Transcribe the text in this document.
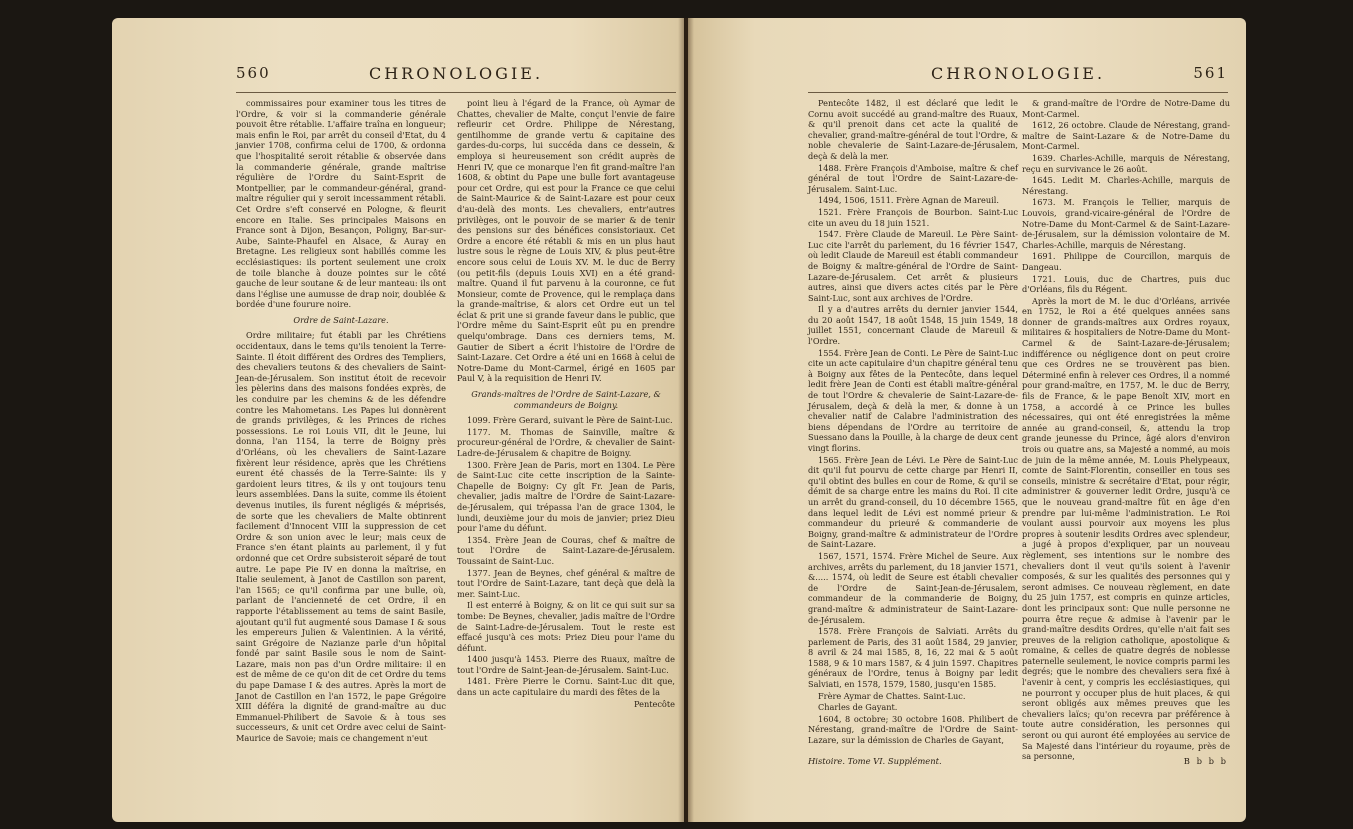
560	CHRONOLOGIE.

commissaires pour examiner tous les titres de l'Ordre, & voir si la commanderie générale pouvoit être rétablie. L'affaire traîna en longueur; mais enfin le Roi, par arrêt du conseil d'Etat, du 4 janvier 1708, confirma celui de 1700, & ordonna que l'hospitalité seroit rétablie & observée dans la commanderie générale, grande maîtrise régulière de l'Ordre du Saint-Esprit de Montpellier, par le commandeur-général, grand-maître régulier qui y seroit incessamment rétabli. Cet Ordre s'eft conservé en Pologne, & fleurit encore en Italie. Ses principales Maisons en France sont à Dijon, Besançon, Poligny, Bar-sur-Aube, Sainte-Phaufel en Alsace, & Auray en Bretagne. Les religieux sont habillés comme les ecclésiastiques: ils portent seulement une croix de toile blanche à douze pointes sur le côté gauche de leur soutane & de leur manteau: ils ont dans l'église une aumusse de drap noir, doublée & bordée d'une fourure noire.

Ordre de Saint-Lazare.

Ordre militaire; fut établi par les Chrétiens occidentaux, dans le tems qu'ils tenoient la Terre-Sainte. Il étoit différent des Ordres des Templiers, des chevaliers teutons & des chevaliers de Saint-Jean-de-Jérusalem. Son institut étoit de recevoir les pèlerins dans des maisons fondées exprès, de les conduire par les chemins & de les défendre contre les Mahometans. Les Papes lui donnèrent de grands privilèges, & les Princes de riches possessions. Le roi Louis VII, dit le Jeune, lui donna, l'an 1154, la terre de Boigny près d'Orléans, où les chevaliers de Saint-Lazare fixèrent leur résidence, après que les Chrétiens eurent été chassés de la Terre-Sainte: ils y gardoient leurs titres, & ils y ont toujours tenu leurs assemblées. Dans la suite, comme ils étoient devenus inutiles, ils furent négligés & méprisés, de sorte que les chevaliers de Malte obtinrent facilement d'Innocent VIII la suppression de cet Ordre & son union avec le leur; mais ceux de France s'en étant plaints au parlement, il y fut ordonné que cet Ordre subsisteroit séparé de tout autre. Le pape Pie IV en donna la maîtrise, en Italie seulement, à Janot de Castillon son parent, l'an 1565; ce qu'il confirma par une bulle, où, parlant de l'ancienneté de cet Ordre, il en rapporte l'établissement au tems de saint Basile, ajoutant qu'il fut augmenté sous Damase I & sous les empereurs Julien & Valentinien. A la vérité, saint Grégoire de Nazianze parle d'un hôpital fondé par saint Basile sous le nom de Saint-Lazare, mais non pas d'un Ordre militaire: il en est de même de ce qu'on dit de cet Ordre du tems du pape Damase I & des autres. Après la mort de Janot de Castillon en l'an 1572, le pape Grégoire XIII déféra la dignité de grand-maître au duc Emmanuel-Philibert de Savoie & à tous ses successeurs, & unit cet Ordre avec celui de Saint-Maurice de Savoie; mais ce changement n'eut

point lieu à l'égard de la France, où Aymar de Chattes, chevalier de Malte, conçut l'envie de faire refleurir cet Ordre. Philippe de Nérestang, gentilhomme de grande vertu & capitaine des gardes-du-corps, lui succéda dans ce dessein, & employa si heureusement son crédit auprès de Henri IV, que ce monarque l'en fit grand-maître l'an 1608, & obtint du Pape une bulle fort avantageuse pour cet Ordre, qui est pour la France ce que celui de Saint-Maurice & de Saint-Lazare est pour ceux d'au-delà des monts. Les chevaliers, entr'autres privilèges, ont le pouvoir de se marier & de tenir des pensions sur des bénéfices consistoriaux. Cet Ordre a encore été rétabli & mis en un plus haut lustre sous le règne de Louis XIV, & plus peut-être encore sous celui de Louis XV. M. le duc de Berry (ou petit-fils (depuis Louis XVI) en a été grand-maître. Quand il fut parvenu à la couronne, ce fut Monsieur, comte de Provence, qui le remplaça dans la grande-maîtrise, & alors cet Ordre eut un tel éclat & prit une si grande faveur dans le public, que l'Ordre même du Saint-Esprit eût pu en prendre quelqu'ombrage. Dans ces derniers tems, M. Gautier de Sibert a écrit l'histoire de l'Ordre de Saint-Lazare. Cet Ordre a été uni en 1668 à celui de Notre-Dame du Mont-Carmel, érigé en 1605 par Paul V, à la requisition de Henri IV.

Grands-maîtres de l'Ordre de Saint-Lazare, & commandeurs de Boigny.

1099. Frère Gerard, suivant le Père de Saint-Luc.

1177. M. Thomas de Sainville, maître & procureur-général de l'Ordre, & chevalier de Saint-Ladre-de-Jérusalem & chapitre de Boigny.

1300. Frère Jean de Paris, mort en 1304. Le Père de Saint-Luc cite cette inscription de la Sainte-Chapelle de Boigny: Cy gît Fr. Jean de Paris, chevalier, jadis maître de l'Ordre de Saint-Lazare-de-Jérusalem, qui trépassa l'an de grace 1304, le lundi, deuxième jour du mois de janvier; priez Dieu pour l'ame du défunt.

1354. Frère Jean de Couras, chef & maître de tout l'Ordre de Saint-Lazare-de-Jérusalem. Toussaint de Saint-Luc.

1377. Jean de Beynes, chef général & maître de tout l'Ordre de Saint-Lazare, tant deçà que delà la mer. Saint-Luc.

Il est enterré à Boigny, & on lit ce qui suit sur sa tombe: De Beynes, chevalier, jadis maître de l'Ordre de Saint-Ladre-de-Jérusalem. Tout le reste est effacé jusqu'à ces mots: Priez Dieu pour l'ame du défunt.

1400 jusqu'à 1453. Pierre des Ruaux, maître de tout l'Ordre de Saint-Jean-de-Jérusalem. Saint-Luc.

1481. Frère Pierre le Cornu. Saint-Luc dit que, dans un acte capitulaire du mardi des fêtes de la

Pentecôte

CHRONOLOGIE.	561

Pentecôte 1482, il est déclaré que ledit le Cornu avoit succédé au grand-maître des Ruaux, & qu'il prenoit dans cet acte la qualité de chevalier, grand-maître-général de tout l'Ordre, & noble chevalerie de Saint-Lazare-de-Jérusalem, deçà & delà la mer.

1488. Frère François d'Amboise, maître & chef général de tout l'Ordre de Saint-Lazare-de-Jérusalem. Saint-Luc.

1494, 1506, 1511. Frère Agnan de Mareuil.

1521. Frère François de Bourbon. Saint-Luc cite un aveu du 18 juin 1521.

1547. Frère Claude de Mareuil. Le Père Saint-Luc cite l'arrêt du parlement, du 16 février 1547, où ledit Claude de Mareuil est établi commandeur de Boigny & maître-général de l'Ordre de Saint-Lazare-de-Jérusalem. Cet arrêt & plusieurs autres, ainsi que divers actes cités par le Père Saint-Luc, sont aux archives de l'Ordre.

Il y a d'autres arrêts du dernier janvier 1544, du 20 août 1547, 18 août 1548, 15 juin 1549, 18 juillet 1551, concernant Claude de Mareuil & l'Ordre.

1554. Frère Jean de Conti. Le Père de Saint-Luc cite un acte capitulaire d'un chapitre général tenu à Boigny aux fêtes de la Pentecôte, dans lequel ledit frère Jean de Conti est établi maître-général de tout l'Ordre & chevalerie de Saint-Lazare-de-Jérusalem, deçà & delà la mer, & donne à un chevalier natif de Calabre l'administration des biens dépendans de l'Ordre au territoire de Suessano dans la Pouille, à la charge de deux cent vingt florins.

1565. Frère Jean de Lévi. Le Père de Saint-Luc dit qu'il fut pourvu de cette charge par Henri II, qu'il obtint des bulles en cour de Rome, & qu'il se démit de sa charge entre les mains du Roi. Il cite un arrêt du grand-conseil, du 10 décembre 1565, dans lequel ledit de Lévi est nommé prieur & commandeur du prieuré & commanderie de Boigny, grand-maître & administrateur de l'Ordre de Saint-Lazare.

1567, 1571, 1574. Frère Michel de Seure. Aux archives, arrêts du parlement, du 18 janvier 1571, &..... 1574, où ledit de Seure est établi chevalier de l'Ordre de Saint-Jean-de-Jérusalem, commandeur de la commanderie de Boigny, grand-maître & administrateur de Saint-Lazare-de-Jérusalem.

1578. Frère François de Salviati. Arrêts du parlement de Paris, des 31 août 1584, 29 janvier, 8 avril & 24 mai 1585, 8, 16, 22 mai & 5 août 1588, 9 & 10 mars 1587, & 4 juin 1597. Chapitres généraux de l'Ordre, tenus à Boigny par ledit Salviati, en 1578, 1579, 1580, jusqu'en 1585.

Frère Aymar de Chattes. Saint-Luc.

Charles de Gayant.

1604, 8 octobre; 30 octobre 1608. Philibert de Nérestang, grand-maître de l'Ordre de Saint-Lazare, sur la démission de Charles de Gayant,

& grand-maître de l'Ordre de Notre-Dame du Mont-Carmel.

1612, 26 octobre. Claude de Nérestang, grand-maître de Saint-Lazare & de Notre-Dame du Mont-Carmel.

1639. Charles-Achille, marquis de Nérestang, reçu en survivance le 26 août.

1645. Ledit M. Charles-Achille, marquis de Nérestang.

1673. M. François le Tellier, marquis de Louvois, grand-vicaire-général de l'Ordre de Notre-Dame du Mont-Carmel & de Saint-Lazare-de-Jérusalem, sur la démission volontaire de M. Charles-Achille, marquis de Nérestang.

1691. Philippe de Courcillon, marquis de Dangeau.

1721. Louis, duc de Chartres, puis duc d'Orléans, fils du Régent.

Après la mort de M. le duc d'Orléans, arrivée en 1752, le Roi a été quelques années sans donner de grands-maîtres aux Ordres royaux, militaires & hospitaliers de Notre-Dame du Mont-Carmel & de Saint-Lazare-de-Jérusalem; indifférence ou négligence dont on peut croire que ces Ordres ne se trouvèrent pas bien. Déterminé enfin à relever ces Ordres, il a nommé pour grand-maître, en 1757, M. le duc de Berry, fils de France, & le pape Benoît XIV, mort en 1758, a accordé à ce Prince les bulles nécessaires, qui ont été enregistrées la même année au grand-conseil, &, attendu la trop grande jeunesse du Prince, âgé alors d'environ trois ou quatre ans, sa Majesté a nommé, au mois de juin de la même année, M. Louis Phelypeaux, comte de Saint-Florentin, conseiller en tous ses conseils, ministre & secrétaire d'Etat, pour régir, administrer & gouverner ledit Ordre, jusqu'à ce que le nouveau grand-maître fût en âge d'en prendre par lui-même l'administration. Le Roi voulant aussi pourvoir aux moyens les plus propres à soutenir lesdits Ordres avec splendeur, a jugé à propos d'expliquer, par un nouveau règlement, ses intentions sur le nombre des chevaliers dont il veut qu'ils soient à l'avenir composés, & sur les qualités des personnes qui y seront admises. Ce nouveau règlement, en date du 25 juin 1757, est compris en quinze articles, dont les principaux sont: Que nulle personne ne pourra être reçue & admise à l'avenir par le grand-maître desdits Ordres, qu'elle n'ait fait ses preuves de la religion catholique, apostolique & romaine, & celles de quatre degrés de noblesse paternelle seulement, le novice compris parmi les degrés; que le nombre des chevaliers sera fixé à l'avenir à cent, y compris les ecclésiastiques, qui ne pourront y occuper plus de huit places, & qui seront obligés aux mêmes preuves que les chevaliers laïcs; qu'on recevra par préférence à toute autre considération, les personnes qui seront ou qui auront été employées au service de Sa Majesté dans l'intérieur du royaume, près de sa personne,

Histoire. Tome VI. Supplément.	B b b b
